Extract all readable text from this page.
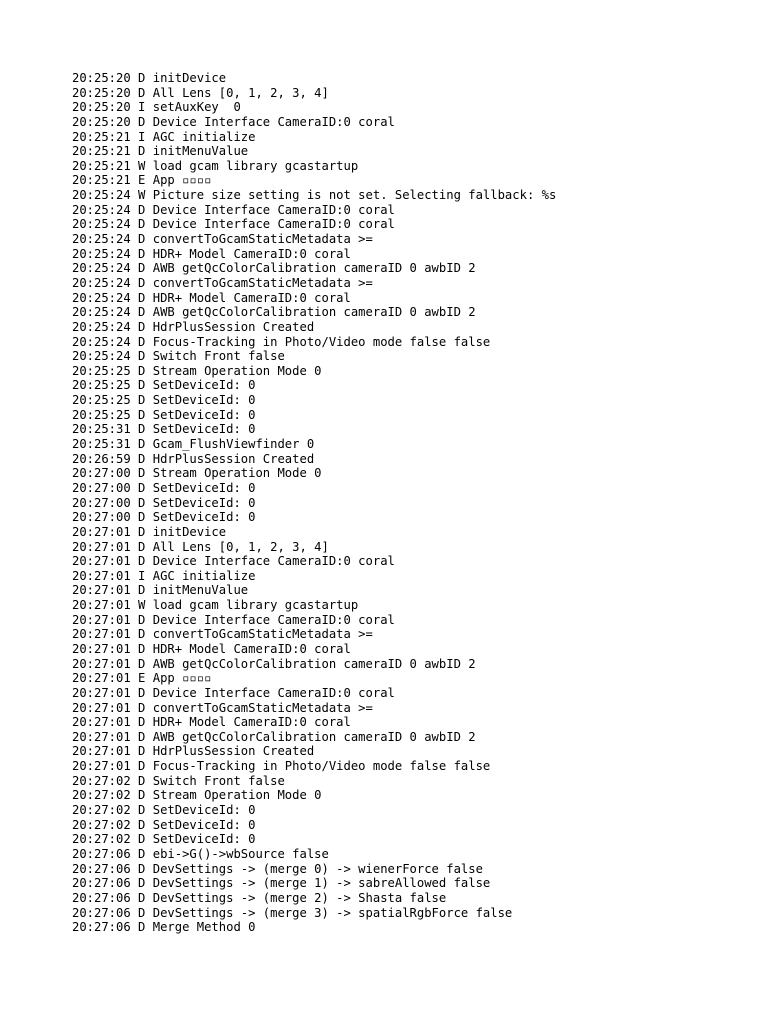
20:25:20 D initDevice
20:25:20 D All Lens [0, 1, 2, 3, 4]
20:25:20 I setAuxKey  0
20:25:20 D Device Interface CameraID:0 coral
20:25:21 I AGC initialize
20:25:21 D initMenuValue
20:25:21 W load gcam library gcastartup
20:25:21 E App ▫▫▫▫
20:25:24 W Picture size setting is not set. Selecting fallback: %s
20:25:24 D Device Interface CameraID:0 coral
20:25:24 D Device Interface CameraID:0 coral
20:25:24 D convertToGcamStaticMetadata >=
20:25:24 D HDR+ Model CameraID:0 coral
20:25:24 D AWB getQcColorCalibration cameraID 0 awbID 2
20:25:24 D convertToGcamStaticMetadata >=
20:25:24 D HDR+ Model CameraID:0 coral
20:25:24 D AWB getQcColorCalibration cameraID 0 awbID 2
20:25:24 D HdrPlusSession Created
20:25:24 D Focus-Tracking in Photo/Video mode false false
20:25:24 D Switch Front false
20:25:25 D Stream Operation Mode 0
20:25:25 D SetDeviceId: 0
20:25:25 D SetDeviceId: 0
20:25:25 D SetDeviceId: 0
20:25:31 D SetDeviceId: 0
20:25:31 D Gcam_FlushViewfinder 0
20:26:59 D HdrPlusSession Created
20:27:00 D Stream Operation Mode 0
20:27:00 D SetDeviceId: 0
20:27:00 D SetDeviceId: 0
20:27:00 D SetDeviceId: 0
20:27:01 D initDevice
20:27:01 D All Lens [0, 1, 2, 3, 4]
20:27:01 D Device Interface CameraID:0 coral
20:27:01 I AGC initialize
20:27:01 D initMenuValue
20:27:01 W load gcam library gcastartup
20:27:01 D Device Interface CameraID:0 coral
20:27:01 D convertToGcamStaticMetadata >=
20:27:01 D HDR+ Model CameraID:0 coral
20:27:01 D AWB getQcColorCalibration cameraID 0 awbID 2
20:27:01 E App ▫▫▫▫
20:27:01 D Device Interface CameraID:0 coral
20:27:01 D convertToGcamStaticMetadata >=
20:27:01 D HDR+ Model CameraID:0 coral
20:27:01 D AWB getQcColorCalibration cameraID 0 awbID 2
20:27:01 D HdrPlusSession Created
20:27:01 D Focus-Tracking in Photo/Video mode false false
20:27:02 D Switch Front false
20:27:02 D Stream Operation Mode 0
20:27:02 D SetDeviceId: 0
20:27:02 D SetDeviceId: 0
20:27:02 D SetDeviceId: 0
20:27:06 D ebi->G()->wbSource false
20:27:06 D DevSettings -> (merge 0) -> wienerForce false
20:27:06 D DevSettings -> (merge 1) -> sabreAllowed false
20:27:06 D DevSettings -> (merge 2) -> Shasta false
20:27:06 D DevSettings -> (merge 3) -> spatialRgbForce false
20:27:06 D Merge Method 0
